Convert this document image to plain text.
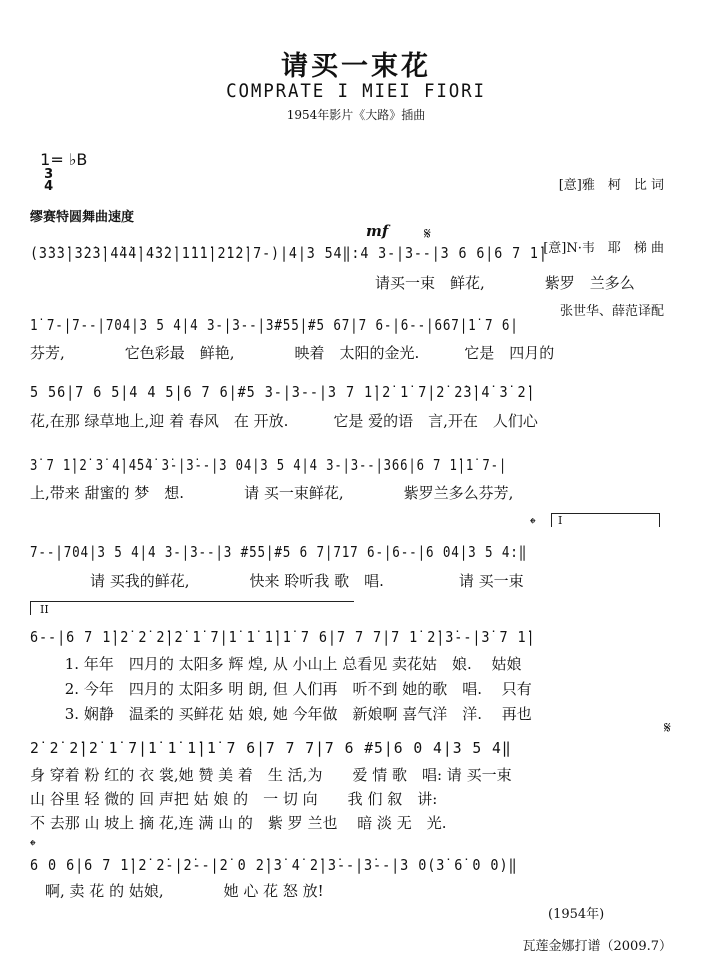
请买一束花
COMPRATE I MIEI FIORI
1954年影片《大路》插曲

1= ♭B
3
4

	[意]雅　柯　比 词

[意]N·韦　耶　梯 曲

张世华、薛范译配

缪赛特圆舞曲速度
mf 𝄋
(3̇3̇3̇|3̇2̇3̇|4̇4̇4̇|4̇3̇2̇|1̇1̇1̇|2̇1̇2̇|7-)|4|3 54‖:4 3-|3--|3 6 6|6 7 1̇|
　　　　　　　　　　　　　　　　　　　　　　　请买一束　鲜花,　　　　紫罗　兰多么
1̇ 7-|7--|704|3 5 4|4 3-|3--|3#55|#5 67|7 6-|6--|667|1̇ 7 6|
芬芳,　　　　它色彩最　鲜艳,　　　　映着　太阳的金光.　　　它是　四月的
5 56|7 6 5|4 4 5|6 7 6|#5 3-|3--|3 7 1̇|2̇ 1̇ 7|2̇ 2̇3̇|4̇ 3̇ 2̇|
花,在那 绿草地上,迎 着 春风　在 开放.　　　它是 爱的语　言,开在　人们心
3̇ 7 1̇|2̇ 3̇ 4̇|4̇5̇4̇ 3̇-|3̇--|3 04|3 5 4|4 3-|3--|366|6 7 1̇|1̇ 7-|
上,带来 甜蜜的 梦　想.　　　　请 买一束鲜花,　　　　紫罗兰多么芬芳,
I
𝄌
7--|704|3 5 4|4 3-|3--|3 #55|#5 6 7|717 6-|6--|6 04|3 5 4:‖
　　　　请 买我的鲜花,　　　　快来 聆听我 歌　唱.　　　　　请 买一束
II
6--|6 7 1̇|2̇ 2̇ 2̇|2̇ 1̇ 7|1̇ 1̇ 1̇|1̇ 7 6|7 7 7|7 1̇ 2̇|3̇--|3̇ 7 1̇|
　　 1. 年年　四月的 太阳多 辉 煌, 从 小山上 总看见 卖花姑　娘.　 姑娘
　　 2. 今年　四月的 太阳多 明 朗, 但 人们再　听不到 她的歌　唱.　 只有
　　 3. 娴静　温柔的 买鲜花 姑 娘, 她 今年做　新娘啊 喜气洋　洋.　 再也
𝄋
2̇ 2̇ 2̇|2̇ 1̇ 7|1̇ 1̇ 1̇|1̇ 7 6|7 7 7|7 6 #5|6 0 4|3 5 4‖
身 穿着 粉 红的 衣 裳,她 赞 美 着　生 活,为　　爱 情 歌　唱: 请 买一束
山 谷里 轻 微的 回 声把 姑 娘 的　一 切 向　　我 们 叙　讲:
不 去那 山 坡上 摘 花,连 满 山 的　紫 罗 兰也　 暗 淡 无　光.
𝄌
6 0 6|6 7 1̇|2̇ 2̇-|2̇--|2̇ 0 2̇|3̇ 4̇ 2̇|3̇--|3̇--|3 0(3̇ 6̇ 0 0)‖
　啊, 卖 花 的 姑娘,　　　　她 心 花 怒 放!
(1954年)
瓦莲金娜打谱（2009.7）
